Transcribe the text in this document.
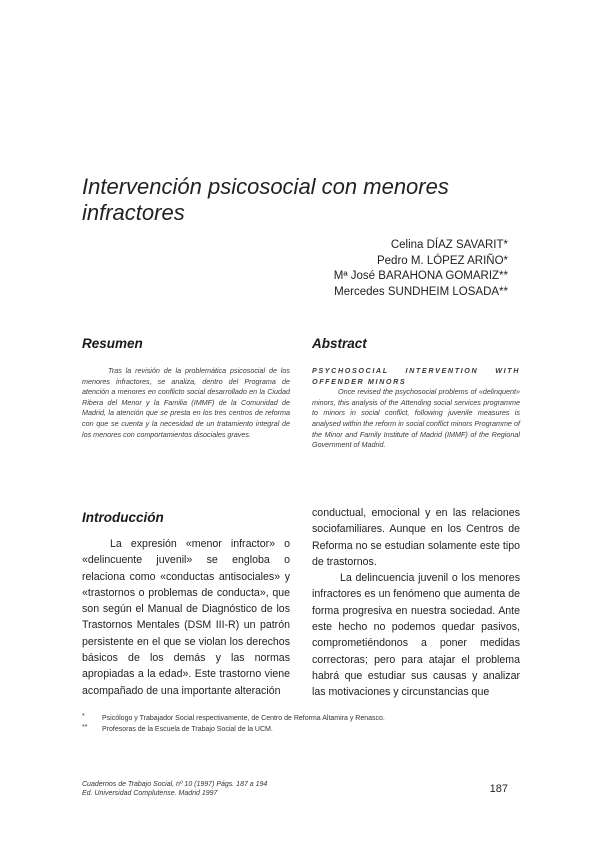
Intervención psicosocial con menores infractores
Celina DÍAZ SAVARIT*
Pedro M. LÓPEZ ARIÑO*
Mª José BARAHONA GOMARIZ**
Mercedes SUNDHEIM LOSADA**
Resumen

Tras la revisión de la problemática psicosocial de los menores infractores, se analiza, dentro del Programa de atención a menores en conflicto social desarrollado en la Ciudad Ribera del Menor y la Familia (IMMF) de la Comunidad de Madrid, la atención que se presta en los tres centros de reforma con que se cuenta y la necesidad de un tratamiento integral de los menores con comportamientos disociales graves.

Abstract

PSYCHOSOCIAL INTERVENTION WITH OFFENDER MINORS

Once revised the psychosocial problems of «delinquent» minors, this analysis of the Attending social services programme to minors in social conflict, following juvenile measures is analysed within the reform in social conflict minors Programme of the Minor and Family Institute of Madrid (IMMF) of the Regional Government of Madrid.

Introducción

La expresión «menor infractor» o «delincuente juvenil» se engloba o relaciona como «conductas antisociales» y «trastornos o problemas de conducta», que son según el Manual de Diagnóstico de los Trastornos Mentales (DSM III-R) un patrón persistente en el que se violan los derechos básicos de los demás y las normas apropiadas a la edad». Este trastorno viene acompañado de una importante alteración

conductual, emocional y en las relaciones sociofamiliares. Aunque en los Centros de Reforma no se estudian solamente este tipo de trastornos.

La delincuencia juvenil o los menores infractores es un fenómeno que aumenta de forma progresiva en nuestra sociedad. Ante este hecho no podemos quedar pasivos, comprometiéndonos a poner medidas correctoras; pero para atajar el problema habrá que estudiar sus causas y analizar las motivaciones y circunstancias que

* Psicólogo y Trabajador Social respectivamente, de Centro de Reforma Altamira y Renasco.
** Profesoras de la Escuela de Trabajo Social de la UCM.
Cuadernos de Trabajo Social, nº 10 (1997) Págs. 187 a 194
Ed. Universidad Complutense. Madrid 1997	187
